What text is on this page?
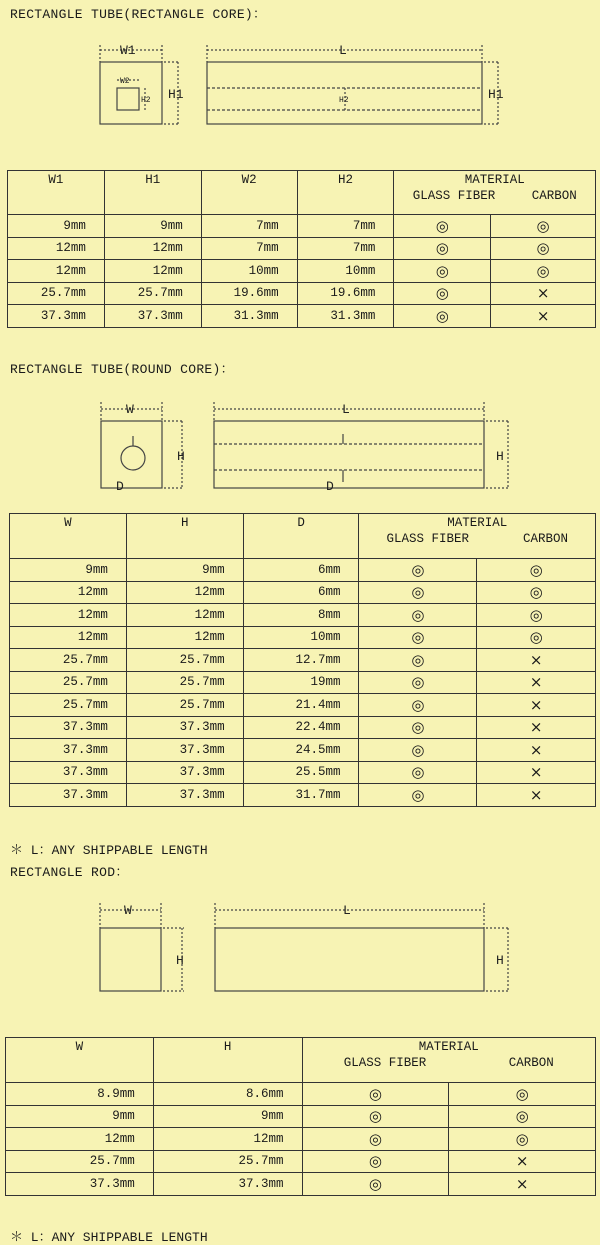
RECTANGLE TUBE(RECTANGLE CORE)：
W1
W2
H2 H1
L
H2	H1
W1	H1	W2	H2	MATERIAL
GLASS FIBER CARBON	

9mm	9mm	7mm	7mm	◎	◎
12mm	12mm	7mm	7mm	◎	◎
12mm	12mm	10mm	10mm	◎	◎
25.7mm	25.7mm	19.6mm	19.6mm	◎	×
37.3mm	37.3mm	31.3mm	31.3mm	◎	×
RECTANGLE TUBE(ROUND CORE)：
W
H
D
L
H
D
W	H	D	MATERIAL
GLASS FIBER CARBON	

9mm	9mm	6mm	◎	◎
12mm	12mm	6mm	◎	◎
12mm	12mm	8mm	◎	◎
12mm	12mm	10mm	◎	◎
25.7mm	25.7mm	12.7mm	◎	×
25.7mm	25.7mm	19mm	◎	×
25.7mm	25.7mm	21.4mm	◎	×
37.3mm	37.3mm	22.4mm	◎	×
37.3mm	37.3mm	24.5mm	◎	×
37.3mm	37.3mm	25.5mm	◎	×
37.3mm	37.3mm	31.7mm	◎	×
＊ L：ANY SHIPPABLE LENGTH
RECTANGLE ROD：
W
H
L
H
W	H	MATERIAL
GLASS FIBER CARBON	

8.9mm	8.6mm	◎	◎
9mm	9mm	◎	◎
12mm	12mm	◎	◎
25.7mm	25.7mm	◎	×
37.3mm	37.3mm	◎	×
＊ L：ANY SHIPPABLE LENGTH
